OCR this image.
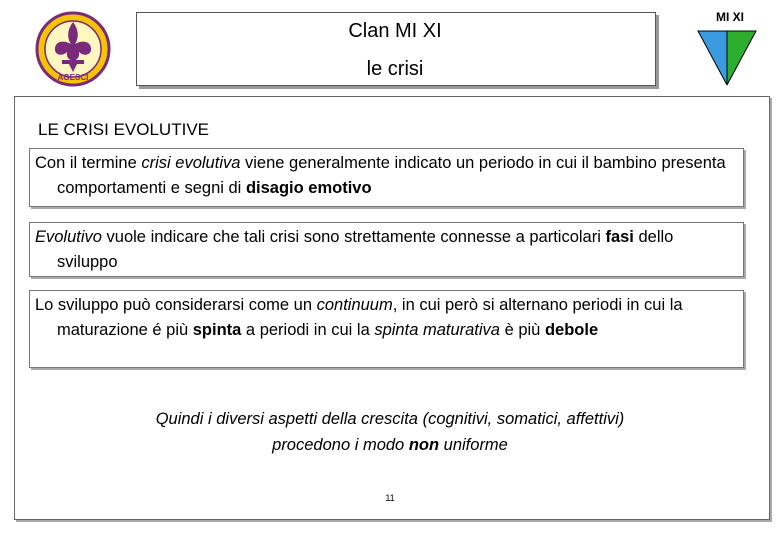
AGESCI
Clan MI XI
le crisi
MI XI
LE CRISI EVOLUTIVE

Con il termine crisi evolutiva viene generalmente indicato un periodo in cui il bambino presenta comportamenti e segni di disagio emotivo

Evolutivo vuole indicare che tali crisi sono strettamente connesse a particolari fasi dello sviluppo

Lo sviluppo può considerarsi come un continuum, in cui però si alternano periodi in cui la maturazione é più spinta a periodi in cui la spinta maturativa è più debole

Quindi i diversi aspetti della crescita (cognitivi, somatici, affettivi)
procedono i modo non uniforme
11
